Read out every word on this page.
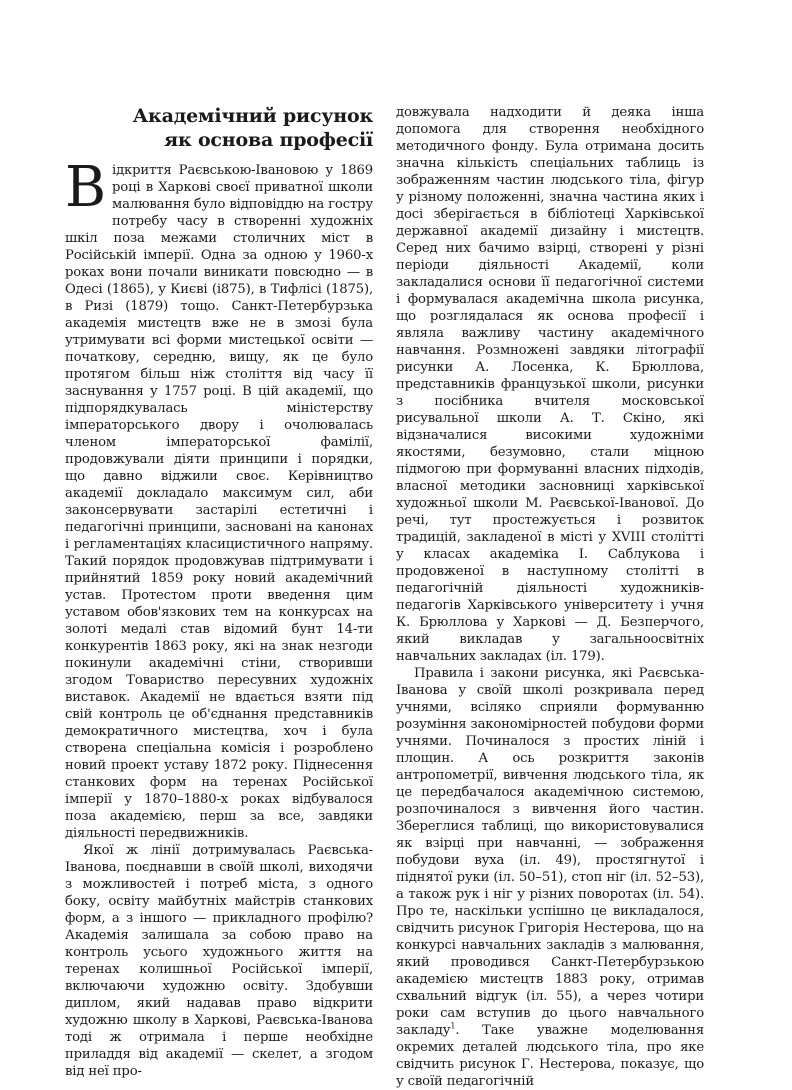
Академічний рисунок
як основа професії

Відкриття Раєвською-Івановою у 1869 році в Харкові своєї приватної школи малювання було відповіддю на гостру потребу часу в створенні художніх шкіл поза межами столичних міст в Російській імперії. Одна за одною у 1960-х роках вони почали виникати повсюдно — в Одесі (1865), у Києві (і875), в Тифлісі (1875), в Ризі (1879) тощо. Санкт-Петербурзька академія мистецтв вже не в змозі була утримувати всі форми мистецької освіти — початкову, середню, вищу, як це було протягом більш ніж століття від часу її заснування у 1757 році. В цій академії, що підпорядкувалась міністерству імператорського двору і очолювалась членом імператорської фамілії, продовжували діяти принципи і порядки, що давно віджили своє. Керівництво академії докладало максимум сил, аби законсервувати застарілі естетичні і педагогічні принципи, засновані на канонах і регламентаціях класицистичного напряму. Такий порядок продовжував підтримувати і прийнятий 1859 року новий академічний устав. Протестом проти введення цим уставом обов'язкових тем на конкурсах на золоті медалі став відомий бунт 14-ти конкурентів 1863 року, які на знак незгоди покинули академічні стіни, створивши згодом Товариство пересувних художніх виставок. Академії не вдається взяти під свій контроль це об'єднання представників демократичного мистецтва, хоч і була створена спеціальна комісія і розроблено новий проект уставу 1872 року. Піднесення станкових форм на теренах Російської імперії у 1870–1880-х роках відбувалося поза академією, перш за все, завдяки діяльності передвижників.

Якої ж лінії дотримувалась Раєвська-Іванова, поєднавши в своїй школі, виходячи з можливостей і потреб міста, з одного боку, освіту майбутніх майстрів станкових форм, а з іншого — прикладного профілю? Академія залишала за собою право на контроль усього художнього життя на теренах колишньої Російської імперії, включаючи художню освіту. Здобувши диплом, який надавав право відкрити художню школу в Харкові, Раєвська-Іванова тоді ж отримала і перше необхідне приладдя від академії — скелет, а згодом від неї про-

довжувала надходити й деяка інша допомога для створення необхідного методичного фонду. Була отримана досить значна кількість спеціальних таблиць із зображенням частин людського тіла, фігур у різному положенні, значна частина яких і досі зберігається в бібліотеці Харківської державної академії дизайну і мистецтв. Серед них бачимо взірці, створені у різні періоди діяльності Академії, коли закладалися основи її педагогічної системи і формувалася академічна школа рисунка, що розглядалася як основа професії і являла важливу частину академічного навчання. Розмножені завдяки літографії рисунки А. Лосенка, К. Брюллова, представників французької школи, рисунки з посібника вчителя московської рисувальної школи А. Т. Скіно, які відзначалися високими художніми якостями, безумовно, стали міцною підмогою при формуванні власних підходів, власної методики засновниці харківської художньої школи М. Раєвської-Іванової. До речі, тут простежується і розвиток традицій, закладеної в місті у XVIII столітті у класах академіка І. Саблукова і продовженої в наступному столітті в педагогічній діяльності художників-педагогів Харківського університету і учня К. Брюллова у Харкові — Д. Безперчого, який викладав у загальноосвітніх навчальних закладах (іл. 179).

Правила і закони рисунка, які Раєвська-Іванова у своїй школі розкривала перед учнями, всіляко сприяли формуванню розуміння закономірностей побудови форми учнями. Починалося з простих ліній і площин. А ось розкриття законів антропометрії, вивчення людського тіла, як це передбачалося академічною системою, розпочиналося з вивчення його частин. Збереглися таблиці, що використовувалися як взірці при навчанні, — зображення побудови вуха (іл. 49), простягнутої і піднятої руки (іл. 50–51), стоп ніг (іл. 52–53), а також рук і ніг у різних поворотах (іл. 54). Про те, наскільки успішно це викладалося, свідчить рисунок Григорія Нестерова, що на конкурсі навчальних закладів з малювання, який проводився Санкт-Петербурзькою академією мистецтв 1883 року, отримав схвальний відгук (іл. 55), а через чотири роки сам вступив до цього навчального закладу$^1$. Таке уважне моделювання окремих деталей людського тіла, про яке свідчить рисунок Г. Нестерова, показує, що у своїй педагогічній
